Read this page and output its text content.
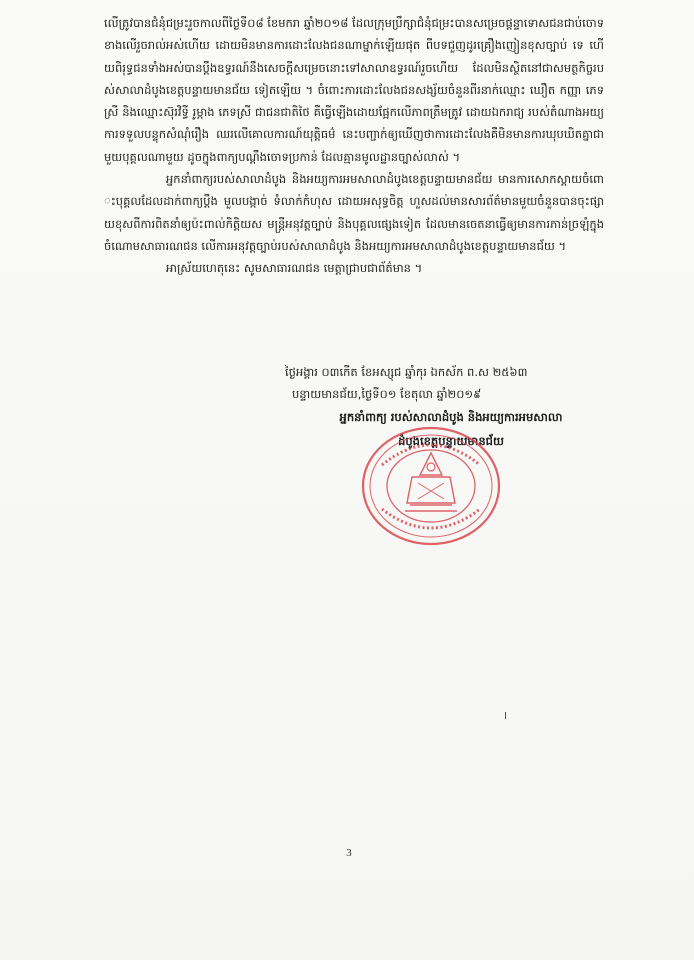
លើត្រូវបានជំនុំជម្រះរួចកាលពីថ្ងៃទី០៨ ខែមករា ឆ្នាំ២០១៨ ដែលក្រុមប្រឹក្សាជំនុំជម្រះបានសម្រេចផ្ដន្ទាទោសជនជាប់ចោទខាងលើរួចរាល់អស់ហើយ ដោយមិនមានការដោះលែងជនណាម្នាក់ឡើយផុត ពីបទជួញដូរគ្រឿងញៀនខុសច្បាប់ ទេ ហើយពិរុទ្ធជនទាំងអស់បានប្ដឹងឧទ្ធរណ៍នឹងសេចក្ដីសម្រេចនោះទៅសាលាឧទ្ធរណ៍រួចហើយ ដែលមិនស្ថិតនៅជាសមត្ថកិច្ចរបស់សាលាដំបូងខេត្តបន្ទាយមានជ័យ ទៀតឡើយ ។ ចំពោះការដោះលែងជនសង្ស័យចំនួនពីរនាក់ឈ្មោះ ឃឿត កញ្ញា ភេទស្រី និងឈ្មោះស៊ុរវិទ្ធី រូម្ភាង ភេទស្រី ជាជនជាតិថៃ គឺធ្វើឡើងដោយផ្អែកលើភាពត្រឹមត្រូវ ដោយឯករាជ្យ របស់តំណាងអយ្យការទទួលបន្ទុកសំណុំរឿង ឈរលើគោលការណ៍យុត្តិធម៌ នេះបញ្ជាក់ឲ្យឃើញថាការដោះលែងគឺមិនមានការឃុបឃិតគ្នាជាមួយបុគ្គលណាមួយ ដូចក្នុងពាក្យបណ្ដឹងចោទប្រកាន់ ដែលគ្មានមូលដ្ឋានច្បាស់លាស់ ។

អ្នកនាំពាក្យរបស់សាលាដំបូង និងអយ្យការអមសាលាដំបូងខេត្តបន្ទាយមានជ័យ មានការសោកស្ដាយចំពោះបុគ្គលដែលដាក់ពាក្យប្ដឹង មួលបង្កាច់ ទំលាក់កំហុស ដោយអសុទ្ធចិត្ត ហួសដល់មានសារព័ត៌មានមួយចំនួនបានចុះផ្សាយខុសពីការពិតនាំឲ្យប៉ះពាល់កិត្តិយស មន្ត្រីអនុវត្តច្បាប់ និងបុគ្គលផ្សេងទៀត ដែលមានចេតនាធ្វើឲ្យមានការភាន់ច្រឡំក្នុងចំណោមសាធារណជន លើការអនុវត្តច្បាប់របស់សាលាដំបូង និងអយ្យការអមសាលាដំបូងខេត្តបន្ទាយមានជ័យ ។

អាស្រ័យហេតុនេះ សូមសាធារណជន មេត្តាជ្រាបជាព័ត៌មាន ។

ថ្ងៃអង្គារ ០៣កើត ខែអស្សុជ ឆ្នាំកុរ ឯកស័ក ព.ស ២៥៦៣
បន្ទាយមានជ័យ,ថ្ងៃទី០១ ខែតុលា ឆ្នាំ២០១៩
អ្នកនាំពាក្យ របស់សាលាដំបូង និងអយ្យការអមសាលា
ដំបូងខេត្តបន្ទាយមានជ័យ
3
